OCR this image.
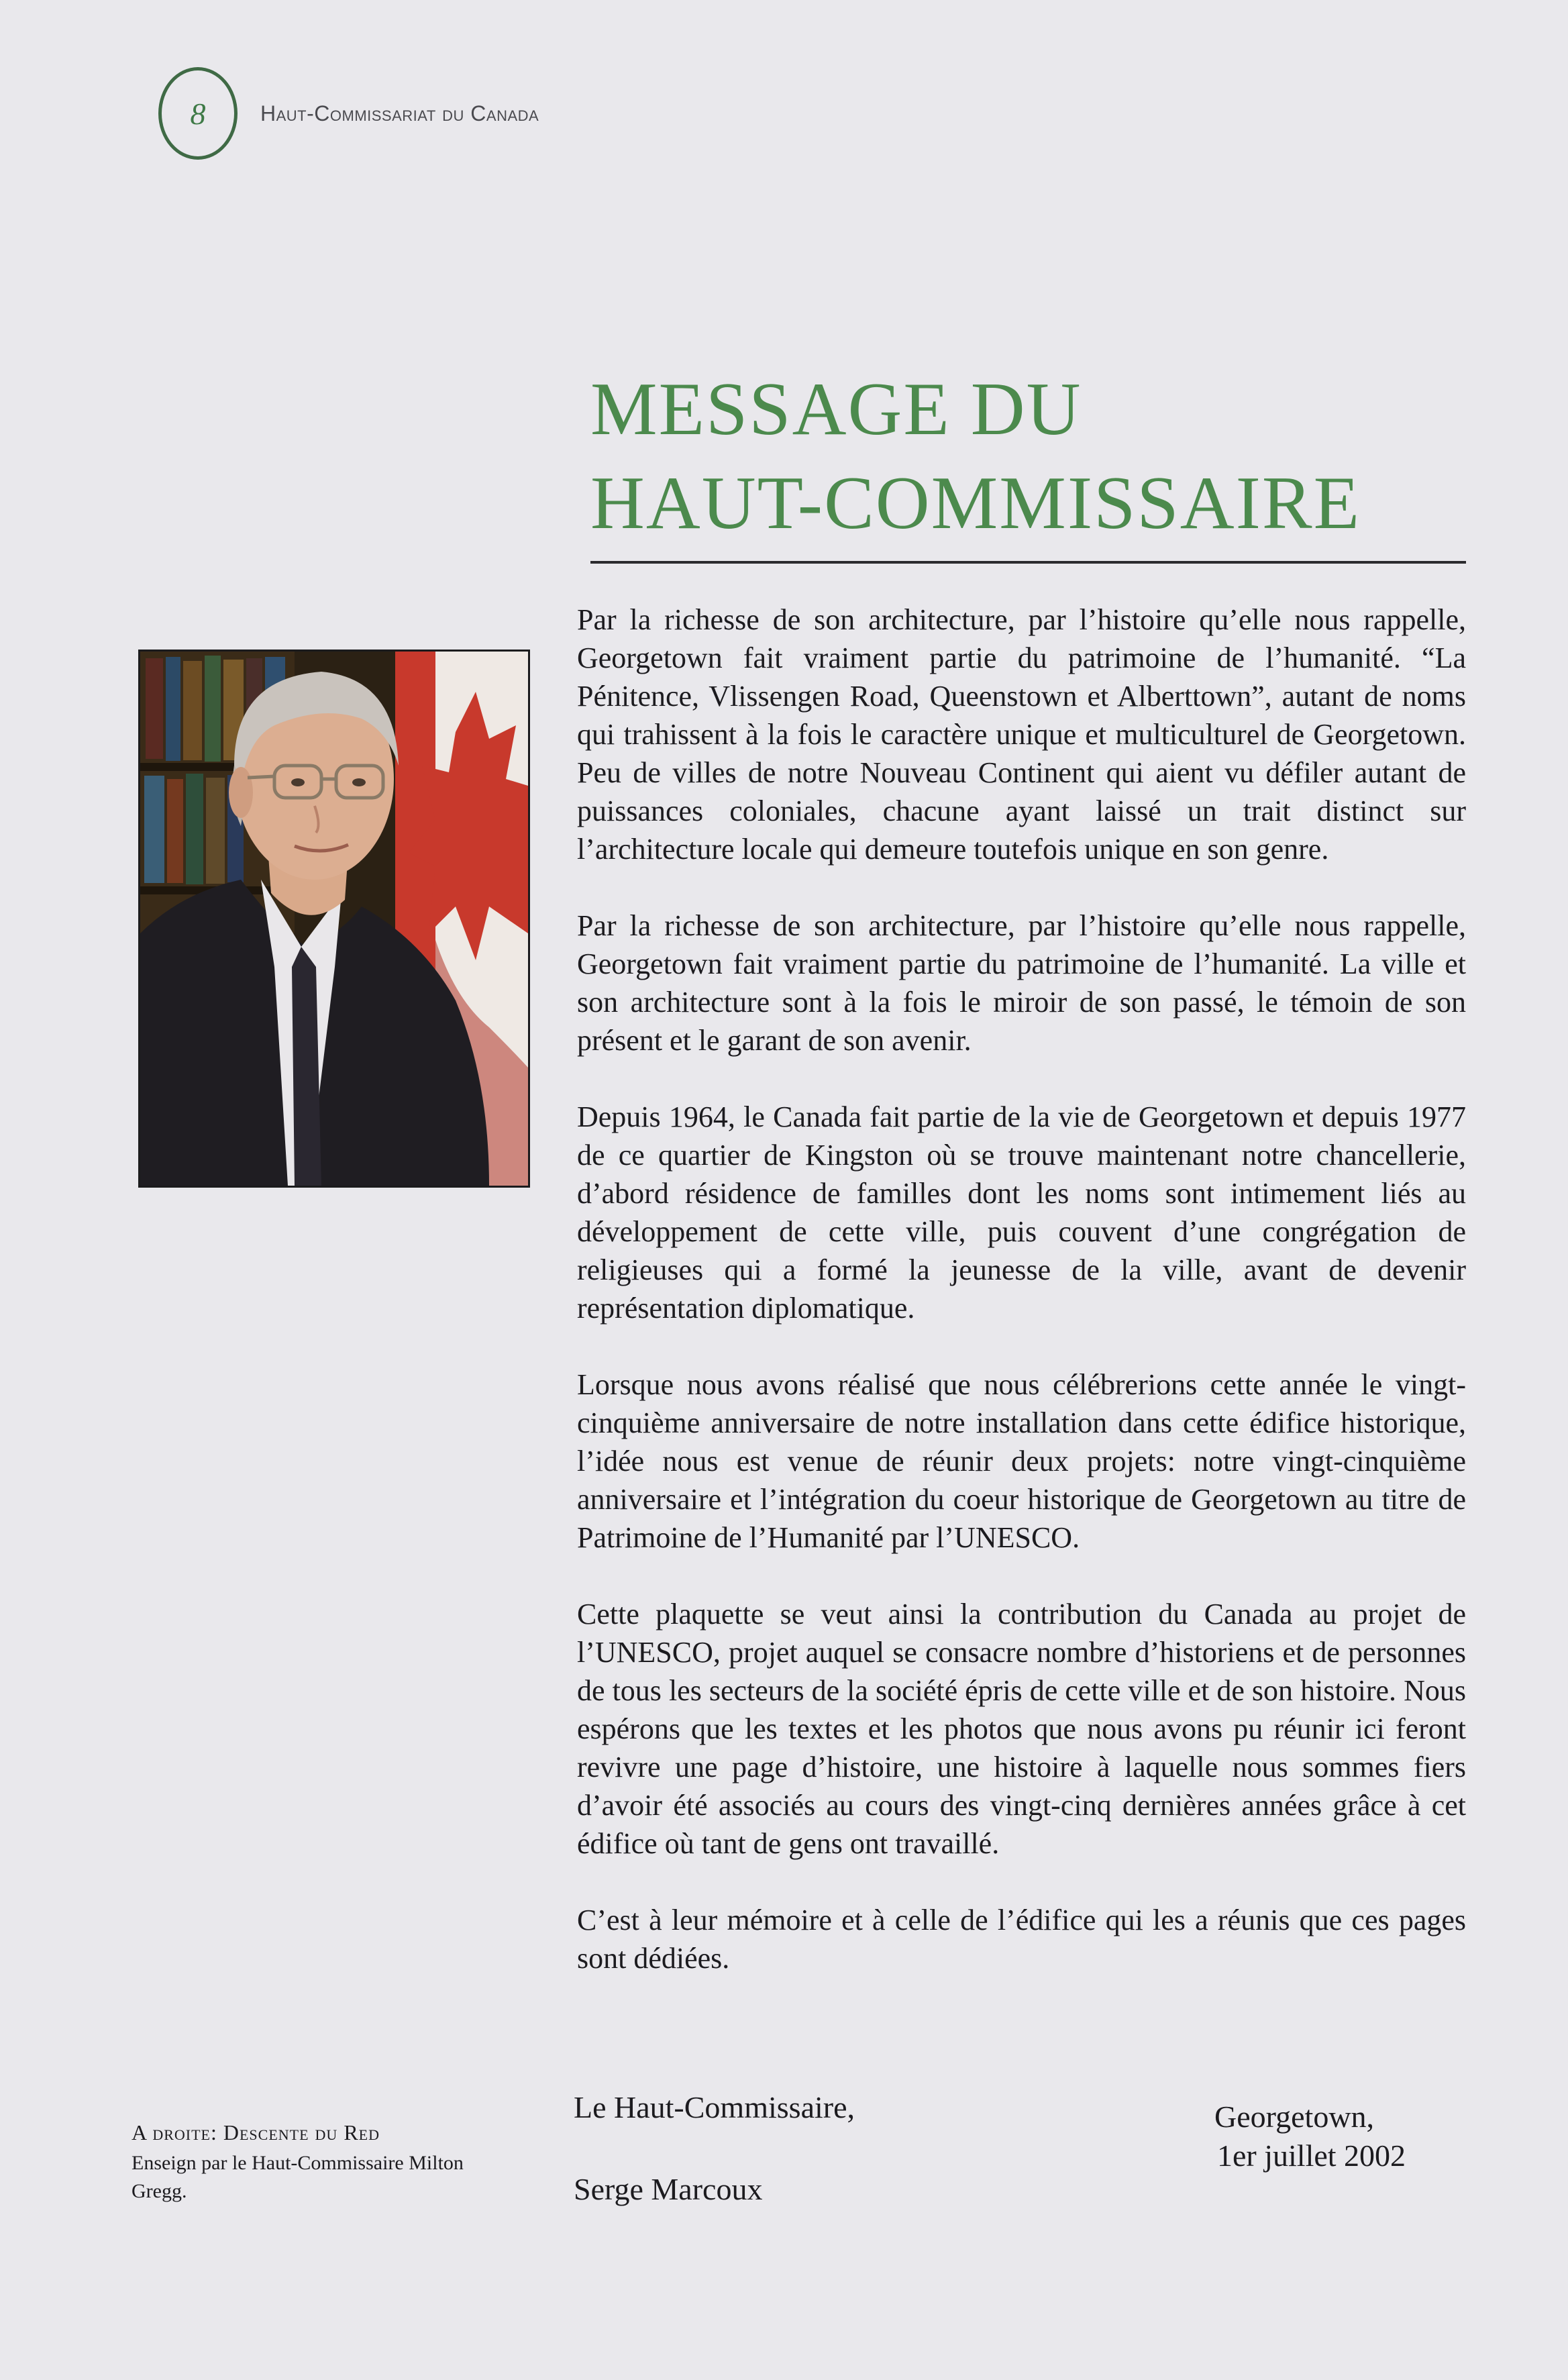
8	Haut-Commissariat du Canada
MESSAGE DU
HAUT-COMMISSAIRE

Par la richesse de son architecture, par l’histoire qu’elle nous rappelle, Georgetown fait vraiment partie du patrimoine de l’humanité. “La Pénitence, Vlissengen Road, Queenstown et Alberttown”, autant de noms qui trahissent à la fois le caractère unique et multiculturel de Georgetown. Peu de villes de notre Nouveau Continent qui aient vu défiler autant de puissances coloniales, chacune ayant laissé un trait distinct sur l’architecture locale qui demeure toutefois unique en son genre.

Par la richesse de son architecture, par l’histoire qu’elle nous rappelle, Georgetown fait vraiment partie du patrimoine de l’humanité. La ville et son architecture sont à la fois le miroir de son passé, le témoin de son présent et le garant de son avenir.

Depuis 1964, le Canada fait partie de la vie de Georgetown et depuis 1977 de ce quartier de Kingston où se trouve maintenant notre chancellerie, d’abord résidence de familles dont les noms sont intimement liés au développement de cette ville, puis couvent d’une congrégation de religieuses qui a formé la jeunesse de la ville, avant de devenir représentation diplomatique.

Lorsque nous avons réalisé que nous célébrerions cette année le vingt-cinquième anniversaire de notre installation dans cette édifice historique, l’idée nous est venue de réunir deux projets: notre vingt-cinquième anniversaire et l’intégration du coeur historique de Georgetown au titre de Patrimoine de l’Humanité par l’UNESCO.

Cette plaquette se veut ainsi la contribution du Canada au projet de l’UNESCO, projet auquel se consacre nombre d’historiens et de personnes de tous les secteurs de la société épris de cette ville et de son histoire. Nous espérons que les textes et les photos que nous avons pu réunir ici feront revivre une page d’histoire, une histoire à laquelle nous sommes fiers d’avoir été associés au cours des vingt-cinq dernières années grâce à cet édifice où tant de gens ont travaillé.

C’est à leur mémoire et à celle de l’édifice qui les a réunis que ces pages sont dédiées.

Le Haut-Commissaire,
Serge Marcoux
Georgetown,
1er juillet 2002
A droite: Descente du Red
Enseign par le Haut-Commissaire Milton Gregg.
